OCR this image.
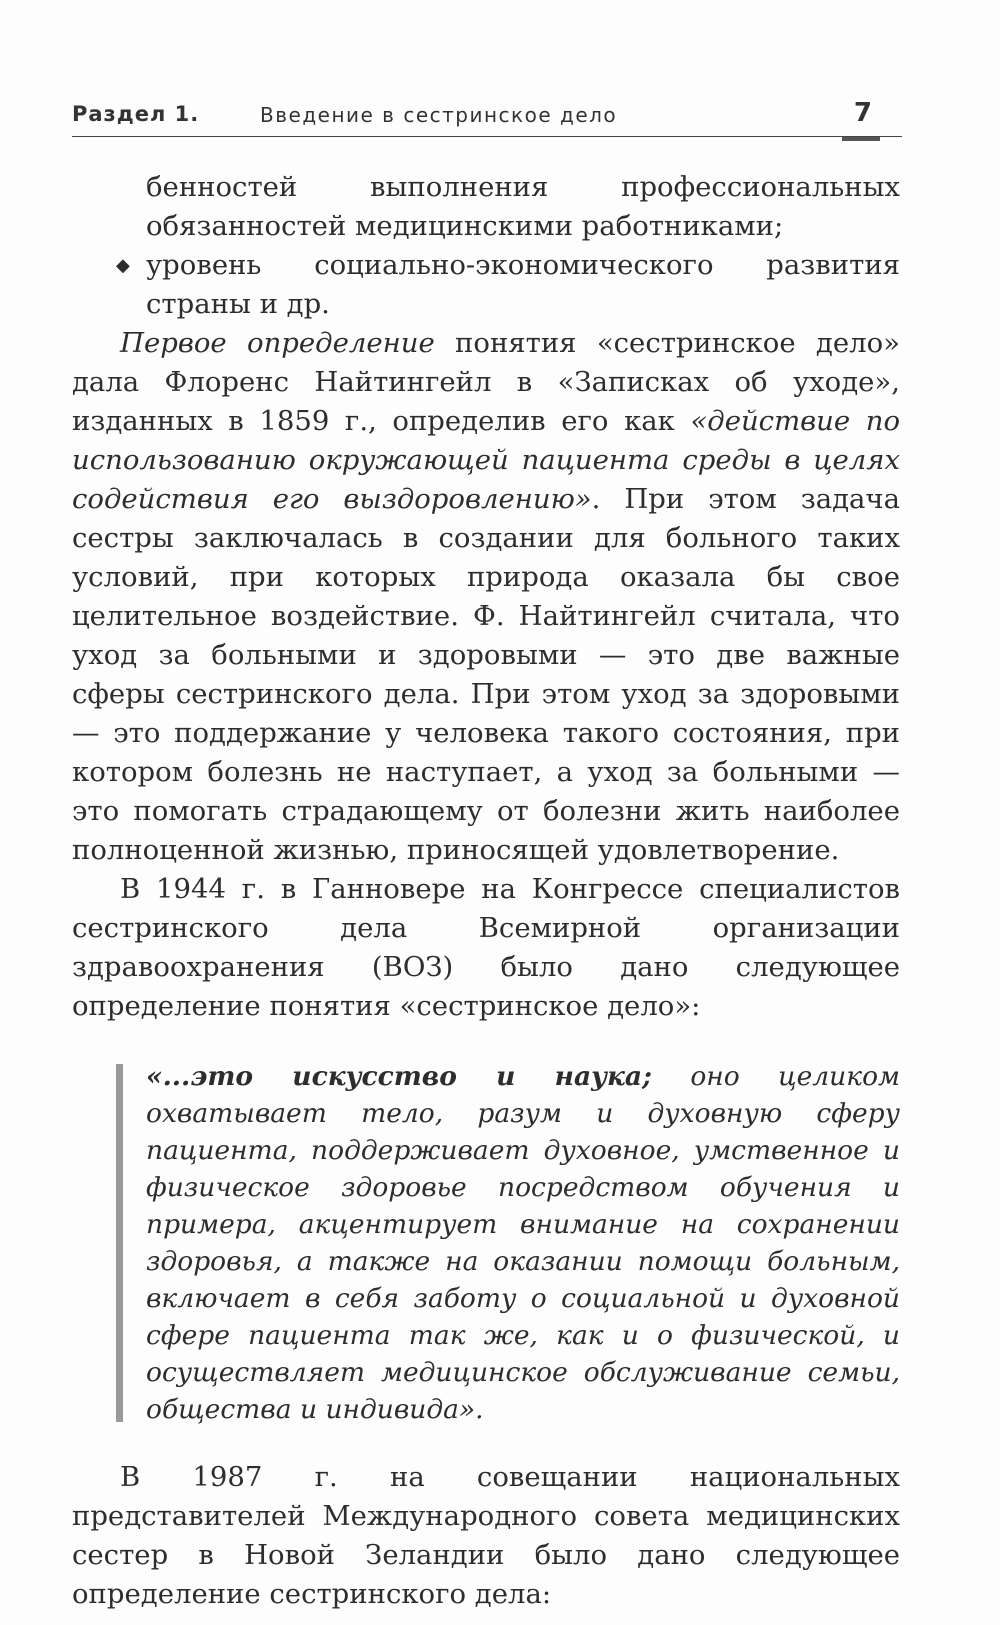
Раздел 1.	Введение в сестринское дело	7

бенностей выполнения профессиональных обязанностей медицинскими работниками;

◆ уровень социально-экономического развития страны и др.

Первое определение понятия «сестринское дело» дала Флоренс Найтингейл в «Записках об уходе», изданных в 1859 г., определив его как «действие по использованию окружающей пациента среды в целях содействия его выздоровлению». При этом задача сестры заключалась в создании для больного таких условий, при которых природа оказала бы свое целительное воздействие. Ф. Найтингейл считала, что уход за больными и здоровыми — это две важные сферы сестринского дела. При этом уход за здоровыми — это поддержание у человека такого состояния, при котором болезнь не наступает, а уход за больными — это помогать страдающему от болезни жить наиболее полноценной жизнью, приносящей удовлетворение.

В 1944 г. в Ганновере на Конгрессе специалистов сестринского дела Всемирной организации здравоохранения (ВОЗ) было дано следующее определение понятия «сестринское дело»:

«...это искусство и наука; оно целиком охватывает тело, разум и духовную сферу пациента, поддерживает духовное, умственное и физическое здоровье посредством обучения и примера, акцентирует внимание на сохранении здоровья, а также на оказании помощи больным, включает в себя заботу о социальной и духовной сфере пациента так же, как и о физической, и осуществляет медицинское обслуживание семьи, общества и индивида».

В 1987 г. на совещании национальных представителей Международного совета медицинских сестер в Новой Зеландии было дано следующее определение сестринского дела:
